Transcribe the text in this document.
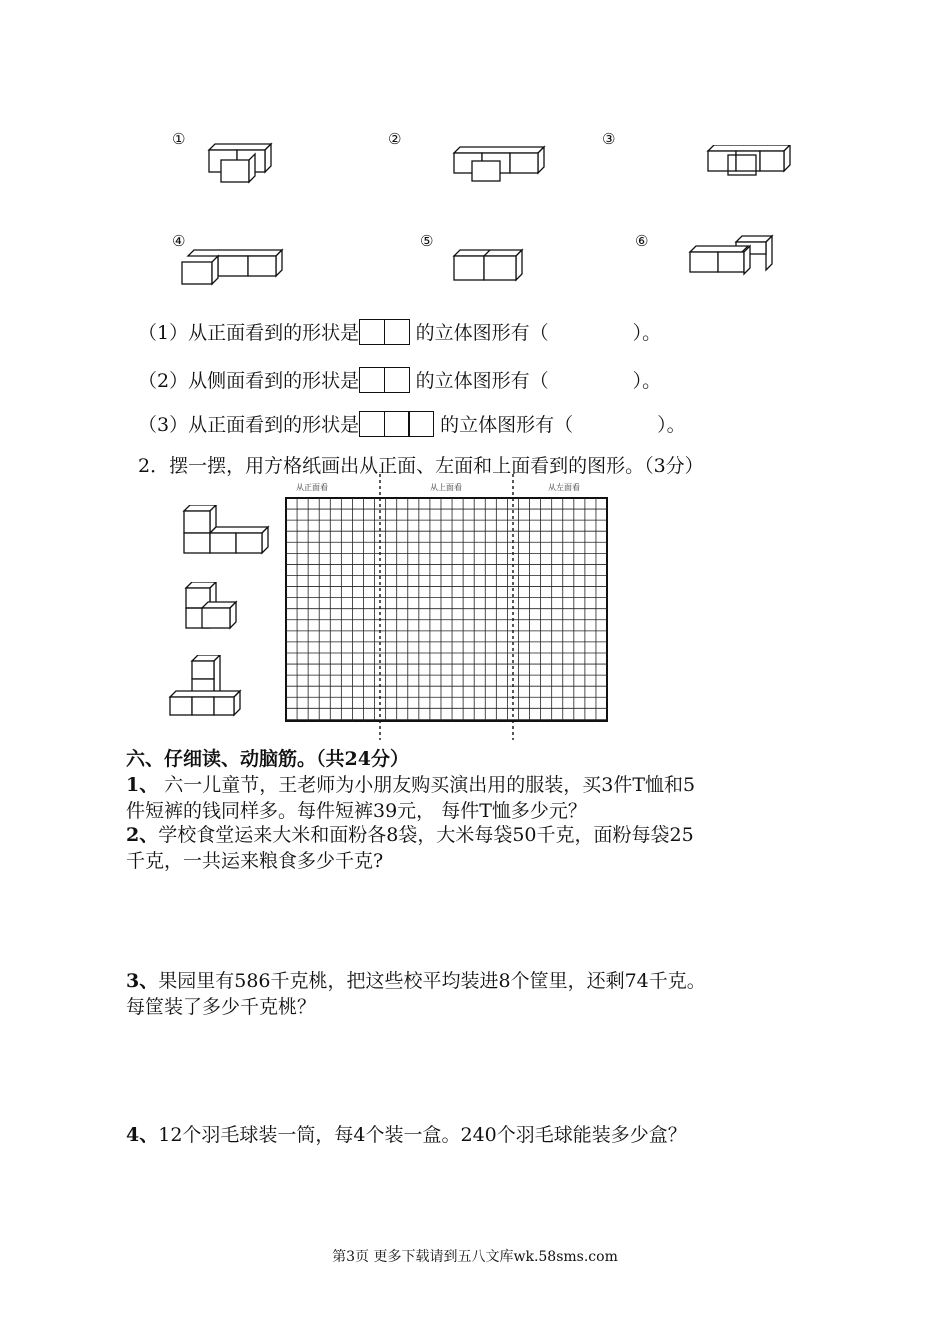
①	②	③
④	⑤	⑥
（1）从正面看到的形状是	的立体图形有（	）。
（2）从侧面看到的形状是	的立体图形有（	）。
（3）从正面看到的形状是	的立体图形有（	）。
2．摆一摆，用方格纸画出从正面、左面和上面看到的图形。（3分）
从正面看	从上面看	从左面看
六、仔细读、动脑筋。（共24分）
1、 六一儿童节，王老师为小朋友购买演出用的服装，买3件T恤和5
件短裤的钱同样多。每件短裤39元， 每件T恤多少元？
2、学校食堂运来大米和面粉各8袋，大米每袋50千克，面粉每袋25
千克，一共运来粮食多少千克?
3、果园里有586千克桃，把这些校平均装进8个筐里，还剩74千克。
每筐装了多少千克桃？
4、12个羽毛球装一筒，每4个装一盒。240个羽毛球能装多少盒？
第3页 更多下载请到五八文库wk.58sms.com
